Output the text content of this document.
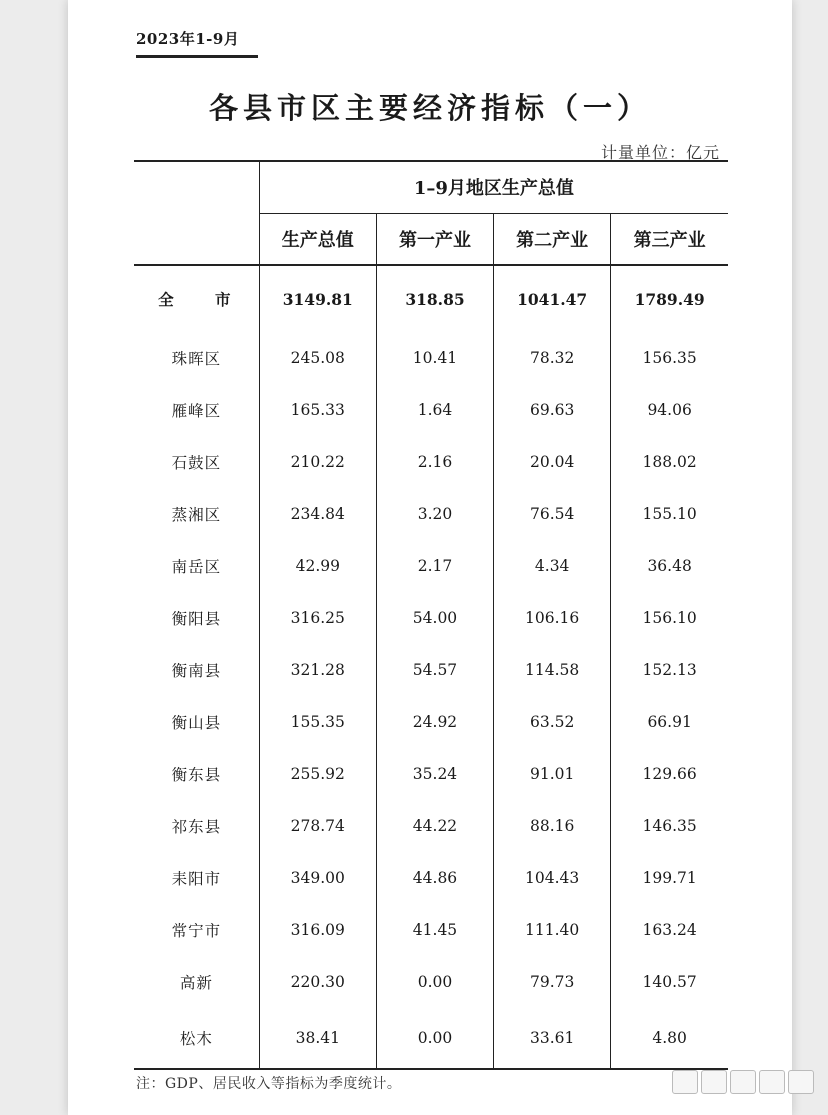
2023年1-9月
各县市区主要经济指标（一）
计量单位：亿元
	1–9月地区生产总值			
	生产总值	第一产业	第二产业	第三产业
全 市	3149.81	318.85	1041.47	1789.49
珠晖区	245.08	10.41	78.32	156.35
雁峰区	165.33	1.64	69.63	94.06
石鼓区	210.22	2.16	20.04	188.02
蒸湘区	234.84	3.20	76.54	155.10
南岳区	42.99	2.17	4.34	36.48
衡阳县	316.25	54.00	106.16	156.10
衡南县	321.28	54.57	114.58	152.13
衡山县	155.35	24.92	63.52	66.91
衡东县	255.92	35.24	91.01	129.66
祁东县	278.74	44.22	88.16	146.35
耒阳市	349.00	44.86	104.43	199.71
常宁市	316.09	41.45	111.40	163.24
高新	220.30	0.00	79.73	140.57
松木	38.41	0.00	33.61	4.80
注：GDP、居民收入等指标为季度统计。
